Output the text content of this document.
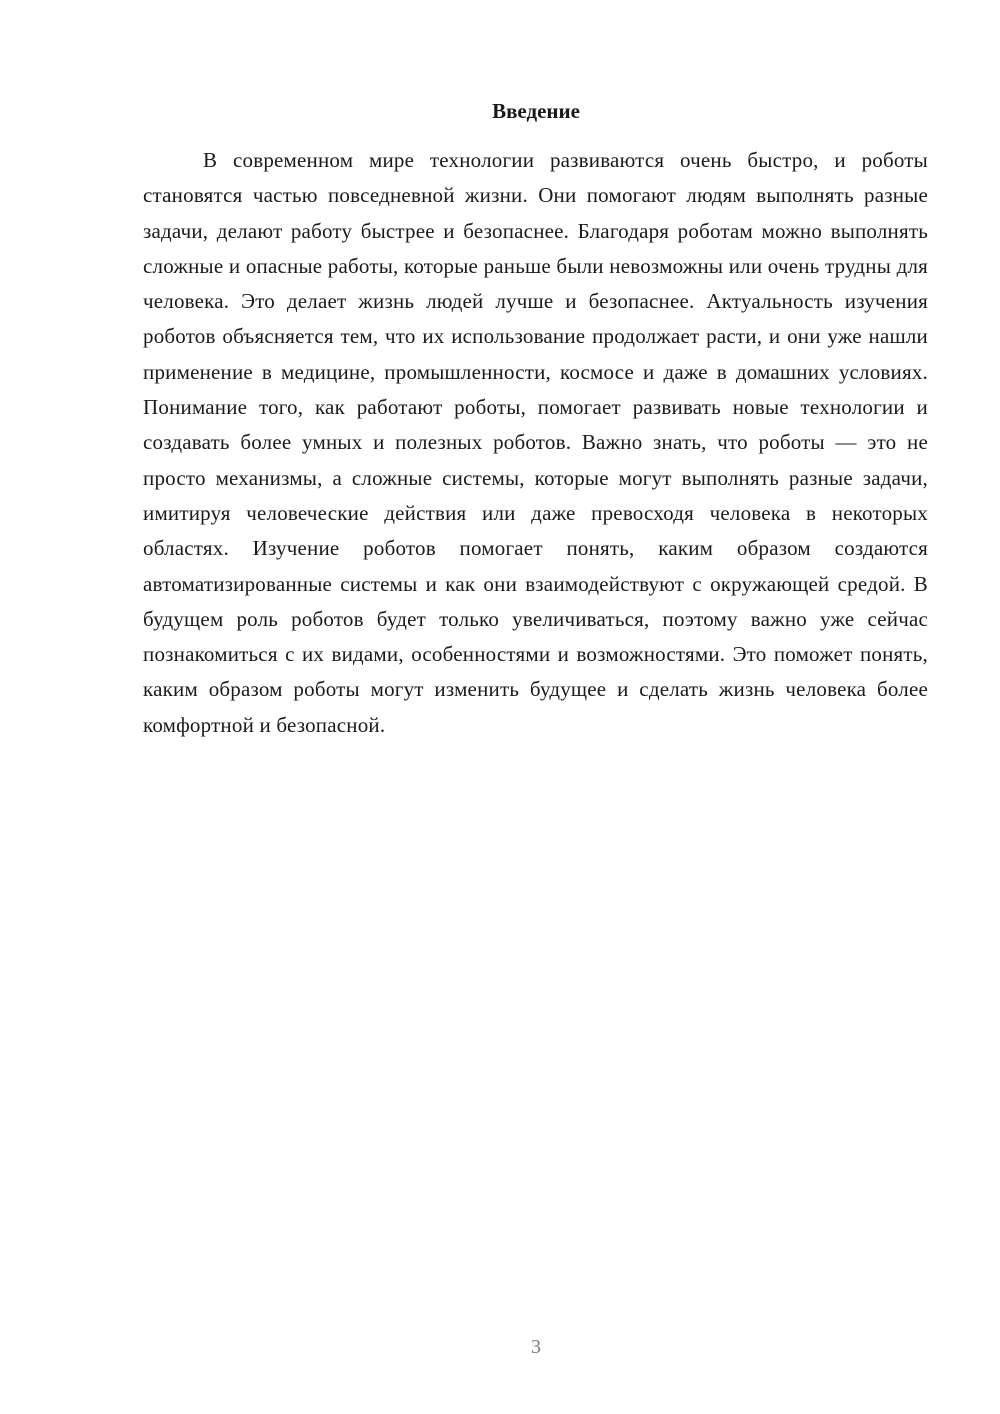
Введение

В современном мире технологии развиваются очень быстро, и роботы становятся частью повседневной жизни. Они помогают людям выполнять разные задачи, делают работу быстрее и безопаснее. Благодаря роботам можно выполнять сложные и опасные работы, которые раньше были невозможны или очень трудны для человека. Это делает жизнь людей лучше и безопаснее. Актуальность изучения роботов объясняется тем, что их использование продолжает расти, и они уже нашли применение в медицине, промышленности, космосе и даже в домашних условиях. Понимание того, как работают роботы, помогает развивать новые технологии и создавать более умных и полезных роботов. Важно знать, что роботы — это не просто механизмы, а сложные системы, которые могут выполнять разные задачи, имитируя человеческие действия или даже превосходя человека в некоторых областях. Изучение роботов помогает понять, каким образом создаются автоматизированные системы и как они взаимодействуют с окружающей средой. В будущем роль роботов будет только увеличиваться, поэтому важно уже сейчас познакомиться с их видами, особенностями и возможностями. Это поможет понять, каким образом роботы могут изменить будущее и сделать жизнь человека более комфортной и безопасной.

3
